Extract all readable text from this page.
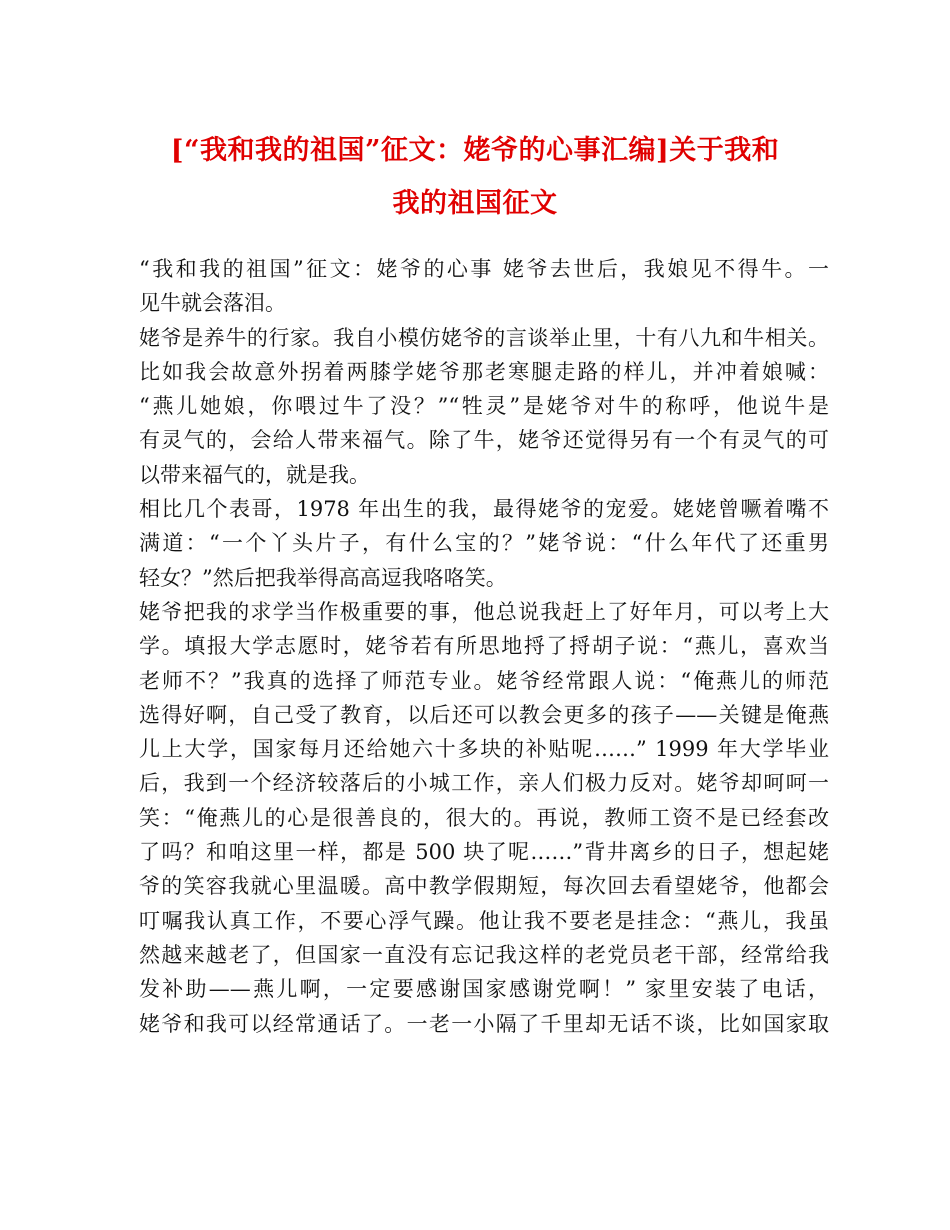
[“我和我的祖国”征文：姥爷的心事汇编]关于我和
我的祖国征文
“我和我的祖国”征文：姥爷的心事 姥爷去世后，我娘见不得牛。一
见牛就会落泪。
姥爷是养牛的行家。我自小模仿姥爷的言谈举止里，十有八九和牛相关。
比如我会故意外拐着两膝学姥爷那老寒腿走路的样儿，并冲着娘喊：
“燕儿她娘，你喂过牛了没？”“牲灵”是姥爷对牛的称呼，他说牛是
有灵气的，会给人带来福气。除了牛，姥爷还觉得另有一个有灵气的可
以带来福气的，就是我。
相比几个表哥，1978 年出生的我，最得姥爷的宠爱。姥姥曾噘着嘴不
满道：“一个丫头片子，有什么宝的？”姥爷说：“什么年代了还重男
轻女？”然后把我举得高高逗我咯咯笑。
姥爷把我的求学当作极重要的事，他总说我赶上了好年月，可以考上大
学。填报大学志愿时，姥爷若有所思地捋了捋胡子说：“燕儿，喜欢当
老师不？”我真的选择了师范专业。姥爷经常跟人说：“俺燕儿的师范
选得好啊，自己受了教育，以后还可以教会更多的孩子——关键是俺燕
儿上大学，国家每月还给她六十多块的补贴呢……” 1999 年大学毕业
后，我到一个经济较落后的小城工作，亲人们极力反对。姥爷却呵呵一
笑：“俺燕儿的心是很善良的，很大的。再说，教师工资不是已经套改
了吗？和咱这里一样，都是 500 块了呢……”背井离乡的日子，想起姥
爷的笑容我就心里温暖。高中教学假期短，每次回去看望姥爷，他都会
叮嘱我认真工作，不要心浮气躁。他让我不要老是挂念：“燕儿，我虽
然越来越老了，但国家一直没有忘记我这样的老党员老干部，经常给我
发补助——燕儿啊，一定要感谢国家感谢党啊！” 家里安装了电话，
姥爷和我可以经常通话了。一老一小隔了千里却无话不谈，比如国家取
